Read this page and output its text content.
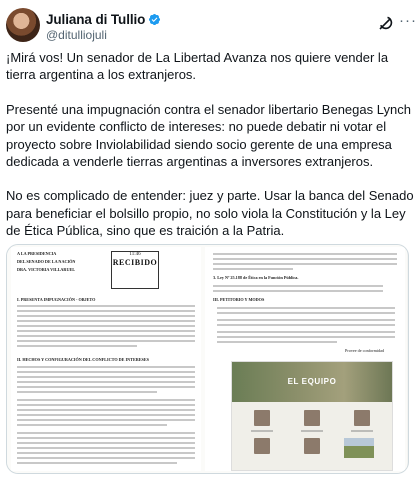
Juliana di Tullio
@ditulliojuli
···

¡Mirá vos! Un senador de La Libertad Avanza nos quiere vender la tierra argentina a los extranjeros.

Presenté una impugnación contra el senador libertario Benegas Lynch por un evidente conflicto de intereses: no puede debatir ni votar el proyecto sobre Inviolabilidad siendo socio gerente de una empresa dedicada a venderle tierras argentinas a inversores extranjeros.

No es complicado de entender: juez y parte. Usar la banca del Senado para beneficiar el bolsillo propio, no solo viola la Constitución y la Ley de Ética Pública, sino que es traición a la Patria.

A LA PRESIDENCIA
DEL SENADO DE LA NACIÓN
DRA. VICTORIA VILLARUEL
11:46
RECIBIDO
I. PRESENTA IMPUGNACIÓN - OBJETO
II. HECHOS Y CONFIGURACIÓN DEL CONFLICTO DE INTERESES
3. Ley Nº 25.188 de Ética en la Función Pública.
III. PETITORIO Y MODOS
Provee de conformidad
EL EQUIPO
